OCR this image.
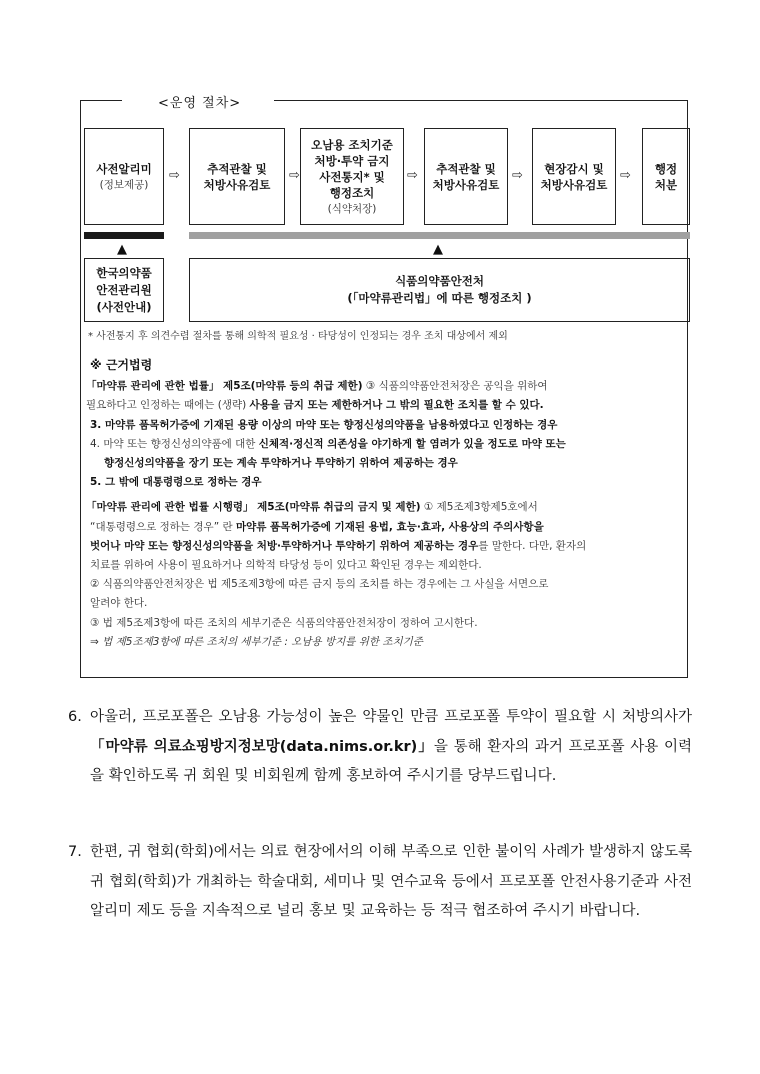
<운영 절차>
사전알리미
(정보제공)
⇨ 추적관찰 및
처방사유검토
⇨
오남용 조치기준
처방·투약 금지
사전통지* 및
행정조치
(식약처장)
⇨ 추적관찰 및
처방사유검토
⇨ 현장감시 및
처방사유검토
⇨ 행정
처분
▲	▲
한국의약품
안전관리원
(사전안내)
식품의약품안전처
(「마약류관리법」에 따른 행정조치 )
* 사전통지 후 의견수렴 절차를 통해 의학적 필요성 · 타당성이 인정되는 경우 조치 대상에서 제외

※ 근거법령

「마약류 관리에 관한 법률」 제5조(마약류 등의 취급 제한) ③ 식품의약품안전처장은 공익을 위하여

필요하다고 인정하는 때에는 (생략) 사용을 금지 또는 제한하거나 그 밖의 필요한 조치를 할 수 있다.

3. 마약류 품목허가증에 기재된 용량 이상의 마약 또는 향정신성의약품을 남용하였다고 인정하는 경우

4. 마약 또는 향정신성의약품에 대한 신체적·정신적 의존성을 야기하게 할 염려가 있을 정도로 마약 또는

향정신성의약품을 장기 또는 계속 투약하거나 투약하기 위하여 제공하는 경우

5. 그 밖에 대통령령으로 정하는 경우

「마약류 관리에 관한 법률 시행령」 제5조(마약류 취급의 금지 및 제한) ① 제5조제3항제5호에서

“대통령령으로 정하는 경우” 란 마약류 품목허가증에 기재된 용법, 효능·효과, 사용상의 주의사항을

벗어나 마약 또는 향정신성의약품을 처방·투약하거나 투약하기 위하여 제공하는 경우를 말한다. 다만, 환자의

치료를 위하여 사용이 필요하거나 의학적 타당성 등이 있다고 확인된 경우는 제외한다.

② 식품의약품안전처장은 법 제5조제3항에 따른 금지 등의 조치를 하는 경우에는 그 사실을 서면으로

알려야 한다.

③ 법 제5조제3항에 따른 조치의 세부기준은 식품의약품안전처장이 정하여 고시한다.

⇒ 법 제5조제3항에 따른 조치의 세부기준 : 오남용 방지를 위한 조치기준

6. 아울러, 프로포폴은 오남용 가능성이 높은 약물인 만큼 프로포폴 투약이 필요할 시 처방의사가 「마약류 의료쇼핑방지정보망(data.nims.or.kr)」을 통해 환자의 과거 프로포폴 사용 이력을 확인하도록 귀 회원 및 비회원께 함께 홍보하여 주시기를 당부드립니다.
7. 한편, 귀 협회(학회)에서는 의료 현장에서의 이해 부족으로 인한 불이익 사례가 발생하지 않도록 귀 협회(학회)가 개최하는 학술대회, 세미나 및 연수교육 등에서 프로포폴 안전사용기준과 사전알리미 제도 등을 지속적으로 널리 홍보 및 교육하는 등 적극 협조하여 주시기 바랍니다.
